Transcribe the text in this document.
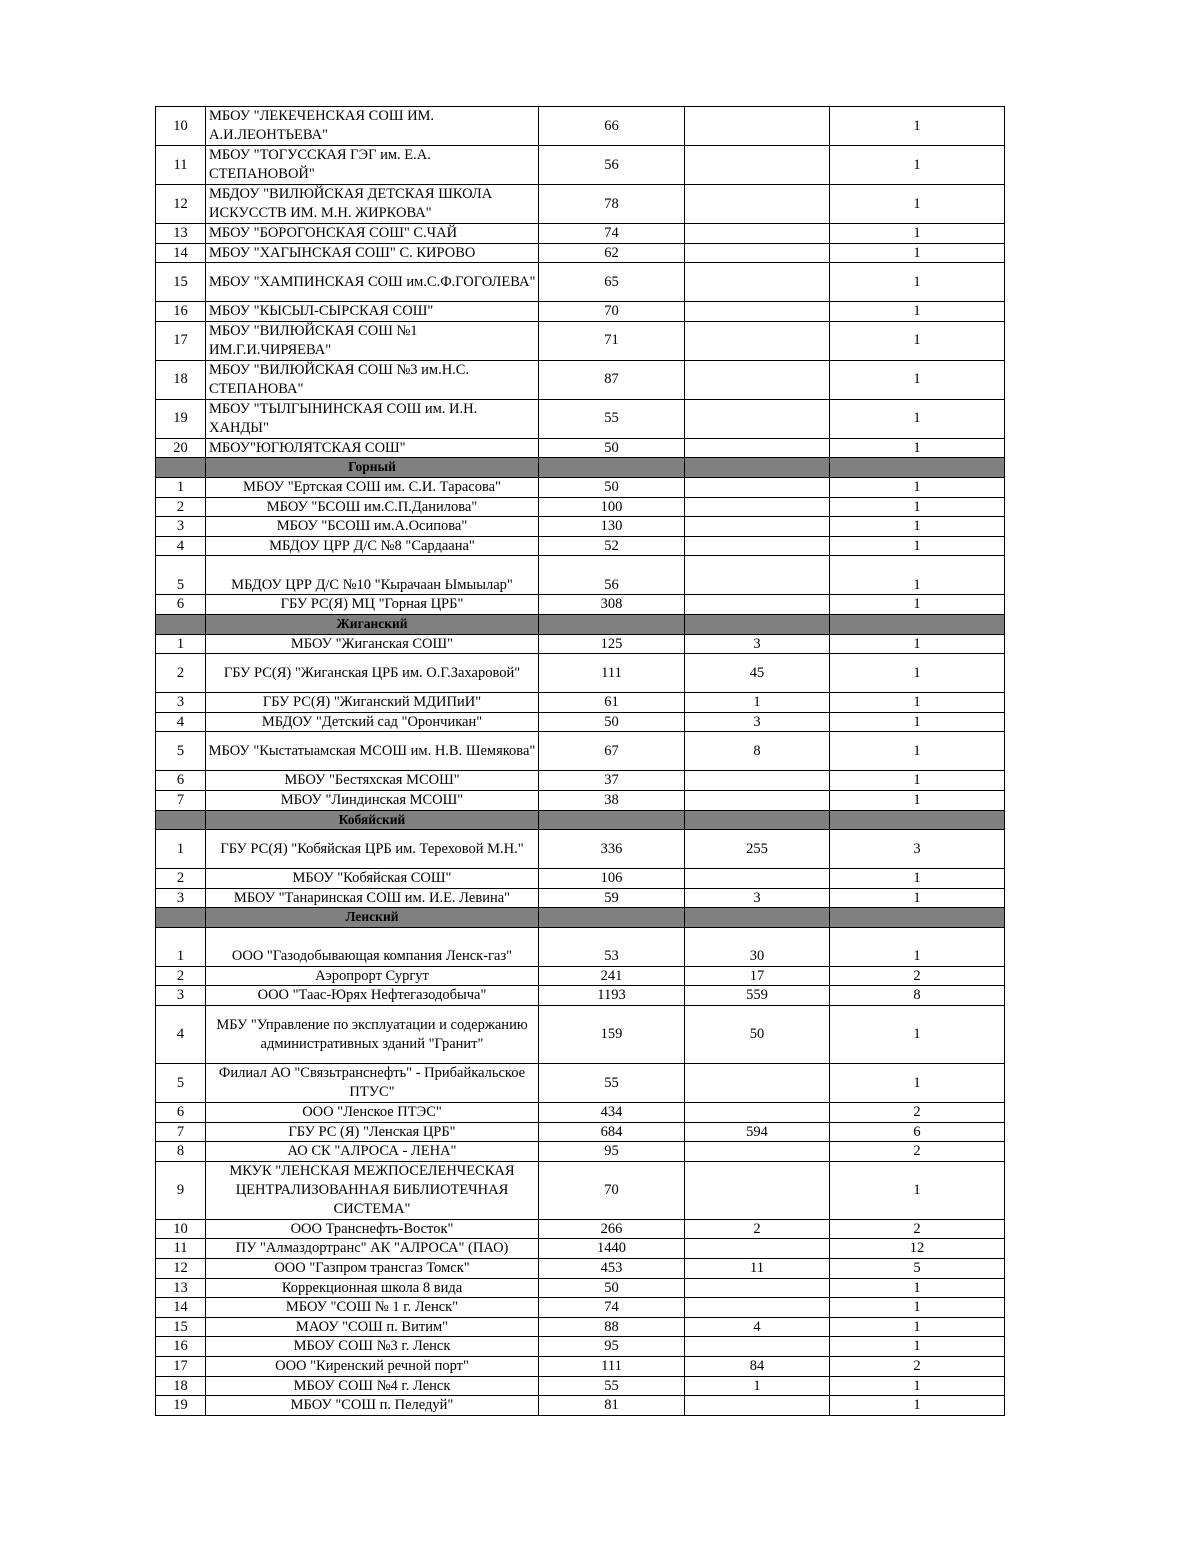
10	МБОУ "ЛЕКЕЧЕНСКАЯ СОШ ИМ. А.И.ЛЕОНТЬЕВА"	66		1
11	МБОУ "ТОГУССКАЯ ГЭГ им. Е.А. СТЕПАНОВОЙ"	56		1
12	МБДОУ "ВИЛЮЙСКАЯ ДЕТСКАЯ ШКОЛА ИСКУССТВ ИМ. М.Н. ЖИРКОВА"	78		1
13	МБОУ "БОРОГОНСКАЯ СОШ" С.ЧАЙ	74		1
14	МБОУ "ХАГЫНСКАЯ СОШ" С. КИРОВО	62		1
15	МБОУ "ХАМПИНСКАЯ СОШ им.С.Ф.ГОГОЛЕВА"	65		1
16	МБОУ "КЫСЫЛ-СЫРСКАЯ СОШ"	70		1
17	МБОУ "ВИЛЮЙСКАЯ СОШ №1 ИМ.Г.И.ЧИРЯЕВА"	71		1
18	МБОУ "ВИЛЮЙСКАЯ СОШ №3 им.Н.С. СТЕПАНОВА"	87		1
19	МБОУ "ТЫЛГЫНИНСКАЯ СОШ им. И.Н. ХАНДЫ"	55		1
20	МБОУ"ЮГЮЛЯТСКАЯ СОШ"	50		1
	Горный			
1	МБОУ "Ертская СОШ им. С.И. Тарасова"	50		1
2	МБОУ "БСОШ им.С.П.Данилова"	100		1
3	МБОУ "БСОШ им.А.Осипова"	130		1
4	МБДОУ ЦРР Д/С №8 "Сардаана"	52		1
5	МБДОУ ЦРР Д/С №10 "Кырачаан Ымыылар"	56		1
6	ГБУ РС(Я) МЦ "Горная ЦРБ"	308		1
	Жиганский			
1	МБОУ "Жиганская СОШ"	125	3	1
2	ГБУ РС(Я) "Жиганская ЦРБ им. О.Г.Захаровой"	111	45	1
3	ГБУ РС(Я) "Жиганский МДИПиИ"	61	1	1
4	МБДОУ "Детский сад "Орончикан"	50	3	1
5	МБОУ "Кыстатыамская МСОШ им. Н.В. Шемякова"	67	8	1
6	МБОУ "Бестяхская МСОШ"	37		1
7	МБОУ "Линдинская МСОШ"	38		1
	Кобяйский			
1	ГБУ РС(Я) "Кобяйская ЦРБ им. Тереховой М.Н."	336	255	3
2	МБОУ "Кобяйская СОШ"	106		1
3	МБОУ "Танаринская СОШ им. И.Е. Левина"	59	3	1
	Ленский			
1	ООО "Газодобывающая компания Ленск-газ"	53	30	1
2	Аэропрорт Сургут	241	17	2
3	ООО "Таас-Юрях Нефтегазодобыча"	1193	559	8
4	МБУ "Управление по эксплуатации и содержанию административных зданий "Гранит"	159	50	1
5	Филиал АО "Связьтранснефть" - Прибайкальское ПТУС"	55		1
6	ООО "Ленское ПТЭС"	434		2
7	ГБУ РС (Я) "Ленская ЦРБ"	684	594	6
8	АО СК "АЛРОСА - ЛЕНА"	95		2
9	МКУК "ЛЕНСКАЯ МЕЖПОСЕЛЕНЧЕСКАЯ ЦЕНТРАЛИЗОВАННАЯ БИБЛИОТЕЧНАЯ СИСТЕМА"	70		1
10	ООО Транснефть-Восток"	266	2	2
11	ПУ "Алмаздортранс" АК "АЛРОСА" (ПАО)	1440		12
12	ООО "Газпром трансгаз Томск"	453	11	5
13	Коррекционная школа 8 вида	50		1
14	МБОУ "СОШ № 1 г. Ленск"	74		1
15	МАОУ "СОШ п. Витим"	88	4	1
16	МБОУ СОШ №3 г. Ленск	95		1
17	ООО "Киренский речной порт"	111	84	2
18	МБОУ СОШ №4 г. Ленск	55	1	1
19	МБОУ "СОШ п. Пеледуй"	81		1
